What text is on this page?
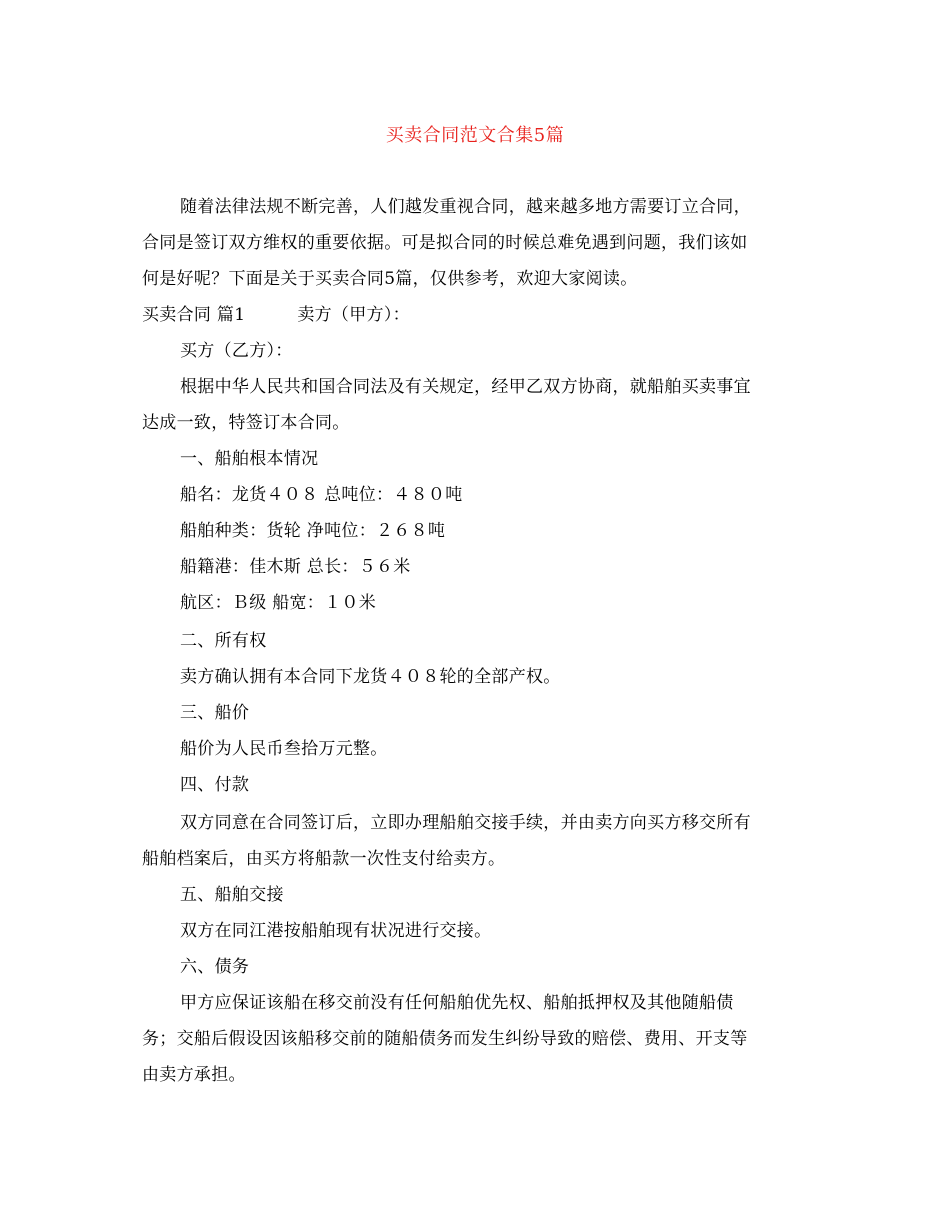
买卖合同范文合集5篇
随着法律法规不断完善，人们越发重视合同，越来越多地方需要订立合同，
合同是签订双方维权的重要依据。可是拟合同的时候总难免遇到问题，我们该如
何是好呢？下面是关于买卖合同5篇，仅供参考，欢迎大家阅读。
买卖合同 篇1	卖方（甲方）：
买方（乙方）：
根据中华人民共和国合同法及有关规定，经甲乙双方协商，就船舶买卖事宜
达成一致，特签订本合同。
一、船舶根本情况
船名：龙货４０８ 总吨位：４８０吨
船舶种类：货轮 净吨位：２６８吨
船籍港：佳木斯 总长：５６米
航区：Ｂ级 船宽：１０米
二、所有权
卖方确认拥有本合同下龙货４０８轮的全部产权。
三、船价
船价为人民币叁拾万元整。
四、付款
双方同意在合同签订后，立即办理船舶交接手续，并由卖方向买方移交所有
船舶档案后，由买方将船款一次性支付给卖方。
五、船舶交接
双方在同江港按船舶现有状况进行交接。
六、债务
甲方应保证该船在移交前没有任何船舶优先权、船舶抵押权及其他随船债
务；交船后假设因该船移交前的随船债务而发生纠纷导致的赔偿、费用、开支等
由卖方承担。
